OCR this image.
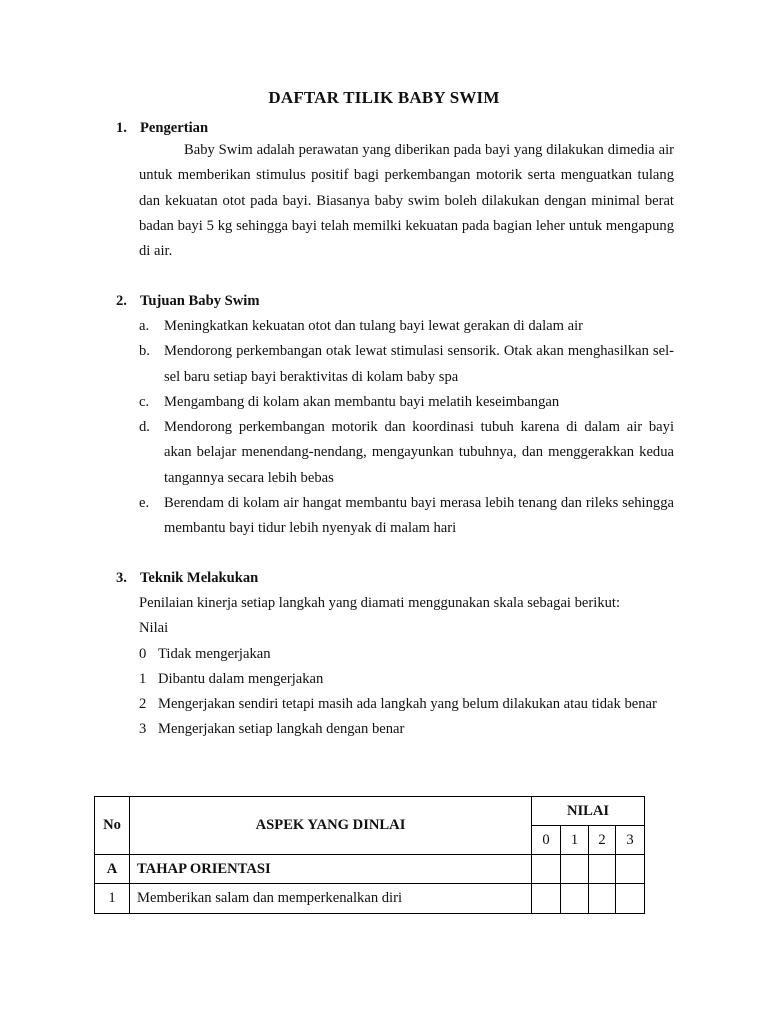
DAFTAR TILIK BABY SWIM
1. Pengertian
Baby Swim adalah perawatan yang diberikan pada bayi yang dilakukan dimedia air untuk memberikan stimulus positif bagi perkembangan motorik serta menguatkan tulang dan kekuatan otot pada bayi. Biasanya baby swim boleh dilakukan dengan minimal berat badan bayi 5 kg sehingga bayi telah memilki kekuatan pada bagian leher untuk mengapung di air.
2. Tujuan Baby Swim
a. Meningkatkan kekuatan otot dan tulang bayi lewat gerakan di dalam air
b. Mendorong perkembangan otak lewat stimulasi sensorik. Otak akan menghasilkan sel-sel baru setiap bayi beraktivitas di kolam baby spa
c. Mengambang di kolam akan membantu bayi melatih keseimbangan
d. Mendorong perkembangan motorik dan koordinasi tubuh karena di dalam air bayi akan belajar menendang-nendang, mengayunkan tubuhnya, dan menggerakkan kedua tangannya secara lebih bebas
e. Berendam di kolam air hangat membantu bayi merasa lebih tenang dan rileks sehingga membantu bayi tidur lebih nyenyak di malam hari
3. Teknik Melakukan
Penilaian kinerja setiap langkah yang diamati menggunakan skala sebagai berikut:
Nilai
0 Tidak mengerjakan
1 Dibantu dalam mengerjakan
2 Mengerjakan sendiri tetapi masih ada langkah yang belum dilakukan atau tidak benar
3 Mengerjakan setiap langkah dengan benar
No	ASPEK YANG DINLAI	NILAI			
		0	1	2	3
A	TAHAP ORIENTASI				
1	Memberikan salam dan memperkenalkan diri				
